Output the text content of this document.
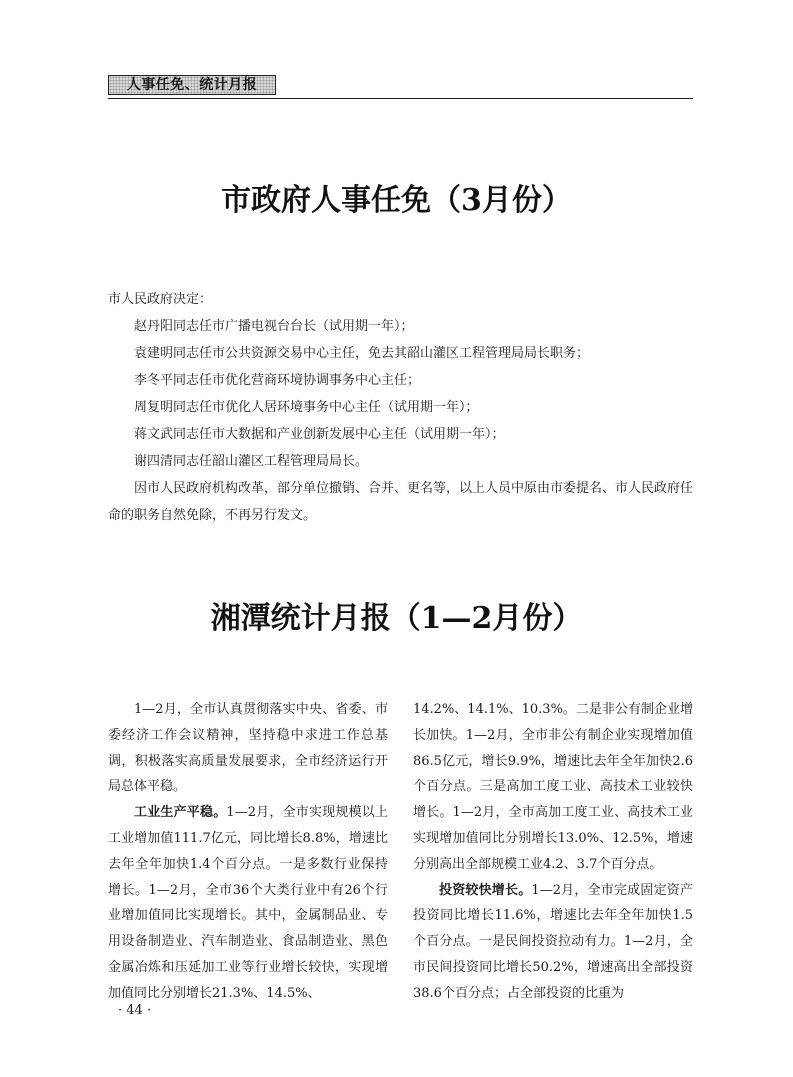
人事任免、统计月报
市政府人事任免（3月份）

市人民政府决定：

赵丹阳同志任市广播电视台台长（试用期一年）；

袁建明同志任市公共资源交易中心主任，免去其韶山灌区工程管理局局长职务；

李冬平同志任市优化营商环境协调事务中心主任；

周复明同志任市优化人居环境事务中心主任（试用期一年）；

蒋文武同志任市大数据和产业创新发展中心主任（试用期一年）；

谢四清同志任韶山灌区工程管理局局长。

因市人民政府机构改革，部分单位撤销、合并、更名等，以上人员中原由市委提名、市人民政府任命的职务自然免除，不再另行发文。

湘潭统计月报（1—2月份）

1—2月，全市认真贯彻落实中央、省委、市委经济工作会议精神，坚持稳中求进工作总基调，积极落实高质量发展要求，全市经济运行开局总体平稳。

工业生产平稳。1—2月，全市实现规模以上工业增加值111.7亿元，同比增长8.8%，增速比去年全年加快1.4个百分点。一是多数行业保持增长。1—2月，全市36个大类行业中有26个行业增加值同比实现增长。其中，金属制品业、专用设备制造业、汽车制造业、食品制造业、黑色金属冶炼和压延加工业等行业增长较快，实现增加值同比分别增长21.3%、14.5%、

14.2%、14.1%、10.3%。二是非公有制企业增长加快。1—2月，全市非公有制企业实现增加值86.5亿元，增长9.9%，增速比去年全年加快2.6个百分点。三是高加工度工业、高技术工业较快增长。1—2月，全市高加工度工业、高技术工业实现增加值同比分别增长13.0%、12.5%，增速分别高出全部规模工业4.2、3.7个百分点。

投资较快增长。1—2月，全市完成固定资产投资同比增长11.6%，增速比去年全年加快1.5个百分点。一是民间投资拉动有力。1—2月，全市民间投资同比增长50.2%，增速高出全部投资38.6个百分点；占全部投资的比重为

· 44 ·
